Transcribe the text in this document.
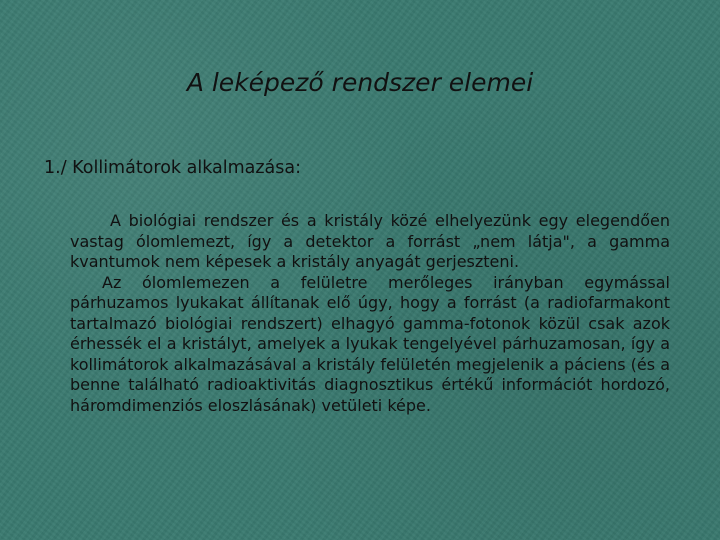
A leképező rendszer elemei
1./ Kollimátorok alkalmazása:

A biológiai rendszer és a kristály közé elhelyezünk egy elegendően vastag ólomlemezt, így a detektor a forrást „nem látja", a gamma kvantumok nem képesek a kristály anyagát gerjeszteni.

Az ólomlemezen a felületre merőleges irányban egymással párhuzamos lyukakat állítanak elő úgy, hogy a forrást (a radiofarmakont tartalmazó biológiai rendszert) elhagyó gamma-fotonok közül csak azok érhessék el a kristályt, amelyek a lyukak tengelyével párhuzamosan, így a kollimátorok alkalmazásával a kristály felületén megjelenik a páciens (és a benne található radioaktivitás diagnosztikus értékű információt hordozó, háromdimenziós eloszlásának) vetületi képe.
